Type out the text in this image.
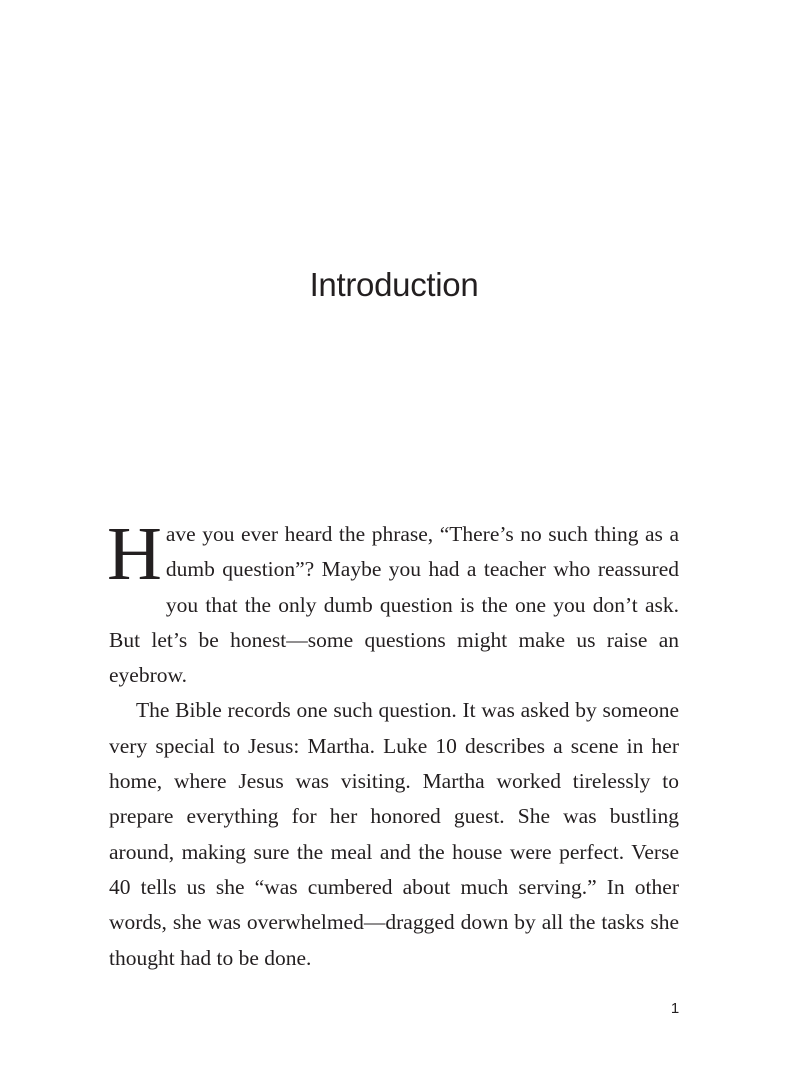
Introduction

Have you ever heard the phrase, “There’s no such thing as a dumb question”? Maybe you had a teacher who reassured you that the only dumb question is the one you don’t ask. But let’s be honest—some questions might make us raise an eyebrow.

The Bible records one such question. It was asked by someone very special to Jesus: Martha. Luke 10 describes a scene in her home, where Jesus was visiting. Martha worked tirelessly to prepare everything for her honored guest. She was bustling around, making sure the meal and the house were perfect. Verse 40 tells us she “was cumbered about much serving.” In other words, she was overwhelmed—dragged down by all the tasks she thought had to be done.

1
